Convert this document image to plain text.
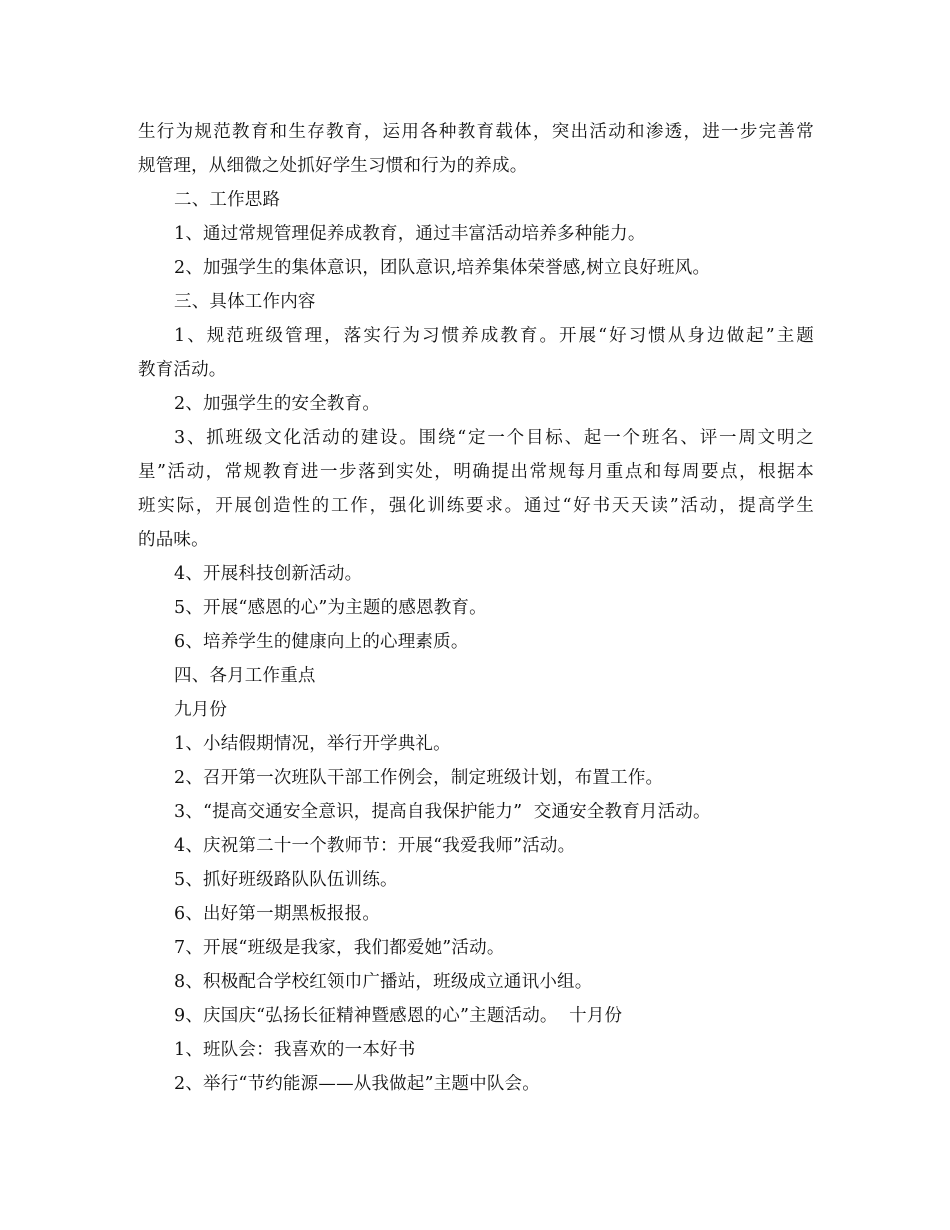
生行为规范教育和生存教育，运用各种教育载体，突出活动和渗透，进一步完善常
规管理，从细微之处抓好学生习惯和行为的养成。
二、工作思路
1、通过常规管理促养成教育，通过丰富活动培养多种能力。
2、加强学生的集体意识，团队意识,培养集体荣誉感,树立良好班风。
三、具体工作内容
1、规范班级管理，落实行为习惯养成教育。开展“好习惯从身边做起”主题
教育活动。
2、加强学生的安全教育。
3、抓班级文化活动的建设。围绕“定一个目标、起一个班名、评一周文明之
星”活动，常规教育进一步落到实处，明确提出常规每月重点和每周要点，根据本
班实际，开展创造性的工作，强化训练要求。通过“好书天天读”活动，提高学生
的品味。
4、开展科技创新活动。
5、开展“感恩的心”为主题的感恩教育。
6、培养学生的健康向上的心理素质。
四、各月工作重点
九月份
1、小结假期情况，举行开学典礼。
2、召开第一次班队干部工作例会，制定班级计划，布置工作。
3、“提高交通安全意识，提高自我保护能力”  交通安全教育月活动。
4、庆祝第二十一个教师节：开展“我爱我师”活动。
5、抓好班级路队队伍训练。
6、出好第一期黑板报报。
7、开展“班级是我家，我们都爱她”活动。
8、积极配合学校红领巾广播站，班级成立通讯小组。
9、庆国庆“弘扬长征精神暨感恩的心”主题活动。  十月份
1、班队会：我喜欢的一本好书
2、举行“节约能源——从我做起”主题中队会。
